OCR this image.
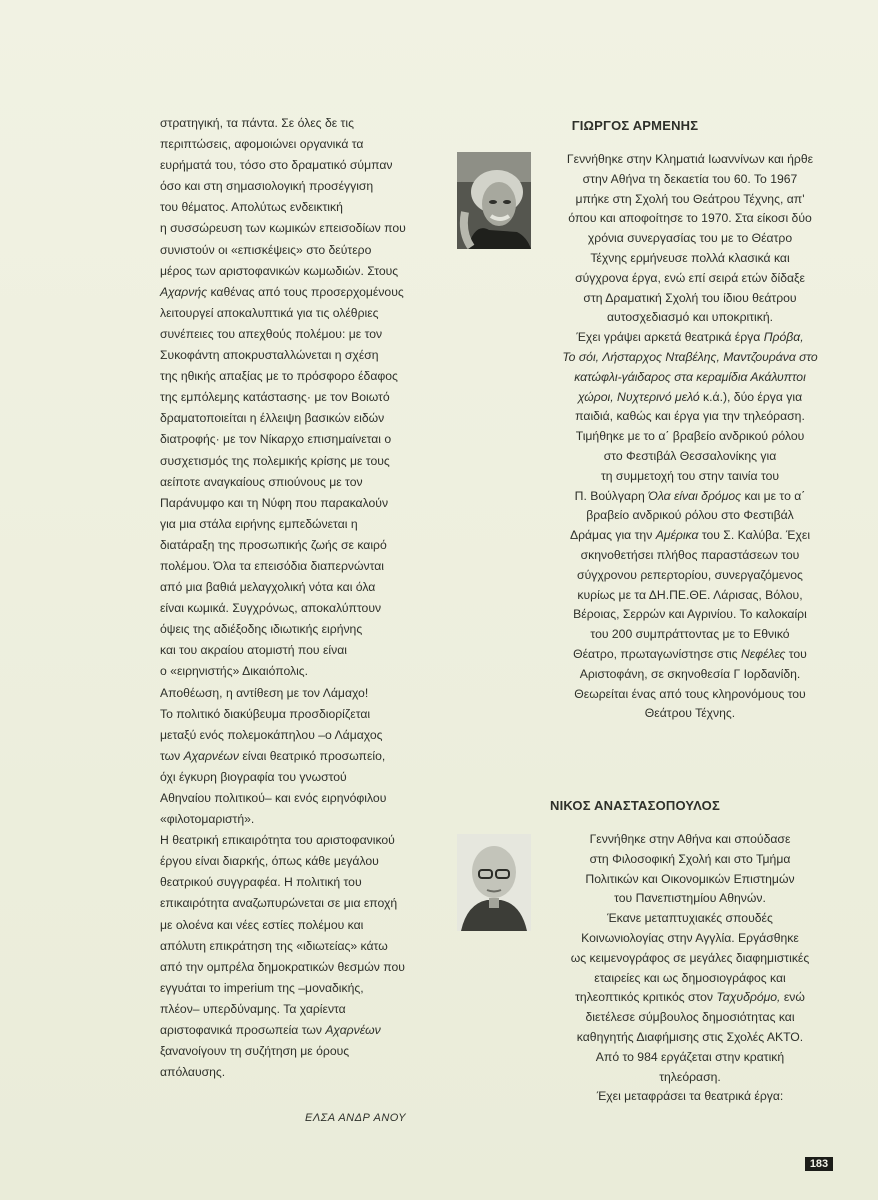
στρατηγική, τα πάντα. Σε όλες δε τις
περιπτώσεις, αφομοιώνει οργανικά τα
ευρήματά του, τόσο στο δραματικό σύμπαν
όσο και στη σημασιολογική προσέγγιση
του θέματος. Απολύτως ενδεικτική
η συσσώρευση των κωμικών επεισοδίων που
συνιστούν οι «επισκέψεις» στο δεύτερο
μέρος των αριστοφανικών κωμωδιών. Στους
Αχαρνής καθένας από τους προσερχομένους
λειτουργεί αποκαλυπτικά για τις ολέθριες
συνέπειες του απεχθούς πολέμου: με τον
Συκοφάντη αποκρυσταλλώνεται η σχέση
της ηθικής απαξίας με το πρόσφορο έδαφος
της εμπόλεμης κατάστασης· με τον Βοιωτό
δραματοποιείται η έλλειψη βασικών ειδών
διατροφής· με τον Νίκαρχο επισημαίνεται ο
συσχετισμός της πολεμικής κρίσης με τους
αείποτε αναγκαίους σπιούνους με τον
Παράνυμφο και τη Νύφη που παρακαλούν
για μια στάλα ειρήνης εμπεδώνεται η
διατάραξη της προσωπικής ζωής σε καιρό
πολέμου. Όλα τα επεισόδια διαπερνώνται
από μια βαθιά μελαγχολική νότα και όλα
είναι κωμικά. Συγχρόνως, αποκαλύπτουν
όψεις της αδιέξοδης ιδιωτικής ειρήνης
και του ακραίου ατομιστή που είναι
ο «ειρηνιστής» Δικαιόπολις.
Αποθέωση, η αντίθεση με τον Λάμαχο!
Το πολιτικό διακύβευμα προσδιορίζεται
μεταξύ ενός πολεμοκάπηλου –ο Λάμαχος
των Αχαρνέων είναι θεατρικό προσωπείο,
όχι έγκυρη βιογραφία του γνωστού
Αθηναίου πολιτικού– και ενός ειρηνόφιλου
«φιλοτομαριστή».
Η θεατρική επικαιρότητα του αριστοφανικού
έργου είναι διαρκής, όπως κάθε μεγάλου
θεατρικού συγγραφέα. Η πολιτική του
επικαιρότητα αναζωπυρώνεται σε μια εποχή
με ολοένα και νέες εστίες πολέμου και
απόλυτη επικράτηση της «ιδιωτείας» κάτω
από την ομπρέλα δημοκρατικών θεσμών που
εγγυάται το imperium της –μοναδικής,
πλέον– υπερδύναμης. Τα χαρίεντα
αριστοφανικά προσωπεία των Αχαρνέων
ξανανοίγουν τη συζήτηση με όρους
απόλαυσης.
ΕΛΣΑ ΑΝΔΡ ΑΝΟΥ
ΓΙΩΡΓΟΣ ΑΡΜΕΝΗΣ
Γεννήθηκε στην Κληματιά Ιωαννίνων και ήρθε
στην Αθήνα τη δεκαετία του 60. Το 1967
μπήκε στη Σχολή του Θεάτρου Τέχνης, απ'
όπου και αποφοίτησε το 1970. Στα είκοσι δύο
χρόνια συνεργασίας του με το Θέατρο
Τέχνης ερμήνευσε πολλά κλασικά και
σύγχρονα έργα, ενώ επί σειρά ετών δίδαξε
στη Δραματική Σχολή του ίδιου θεάτρου
αυτοσχεδιασμό και υποκριτική.
Έχει γράψει αρκετά θεατρικά έργα Πρόβα,
Το σόι, Λήσταρχος Νταβέλης, Μαντζουράνα στο
κατώφλι-γάιδαρος στα κεραμίδια Ακάλυπτοι
χώροι, Νυχτερινό μελό κ.ά.), δύο έργα για
παιδιά, καθώς και έργα για την τηλεόραση.
Τιμήθηκε με το α΄ βραβείο ανδρικού ρόλου
στο Φεστιβάλ Θεσσαλονίκης για
τη συμμετοχή του στην ταινία του
Π. Βούλγαρη Όλα είναι δρόμος και με το α΄
βραβείο ανδρικού ρόλου στο Φεστιβάλ
Δράμας για την Αμέρικα του Σ. Καλύβα. Έχει
σκηνοθετήσει πλήθος παραστάσεων του
σύγχρονου ρεπερτορίου, συνεργαζόμενος
κυρίως με τα ΔΗ.ΠΕ.ΘΕ. Λάρισας, Βόλου,
Βέροιας, Σερρών και Αγρινίου. Το καλοκαίρι
του 200 συμπράττοντας με το Εθνικό
Θέατρο, πρωταγωνίστησε στις Νεφέλες του
Αριστοφάνη, σε σκηνοθεσία Γ Ιορδανίδη.
Θεωρείται ένας από τους κληρονόμους του
Θεάτρου Τέχνης.
ΝΙΚΟΣ ΑΝΑΣΤΑΣΟΠΟΥΛΟΣ
Γεννήθηκε στην Αθήνα και σπούδασε
στη Φιλοσοφική Σχολή και στο Τμήμα
Πολιτικών και Οικονομικών Επιστημών
του Πανεπιστημίου Αθηνών.
Έκανε μεταπτυχιακές σπουδές
Κοινωνιολογίας στην Αγγλία. Εργάσθηκε
ως κειμενογράφος σε μεγάλες διαφημιστικές
εταιρείες και ως δημοσιογράφος και
τηλεοπτικός κριτικός στον Ταχυδρόμο, ενώ
διετέλεσε σύμβουλος δημοσιότητας και
καθηγητής Διαφήμισης στις Σχολές ΑΚΤΟ.
Από το 984 εργάζεται στην κρατική
τηλεόραση.
Έχει μεταφράσει τα θεατρικά έργα:
183
